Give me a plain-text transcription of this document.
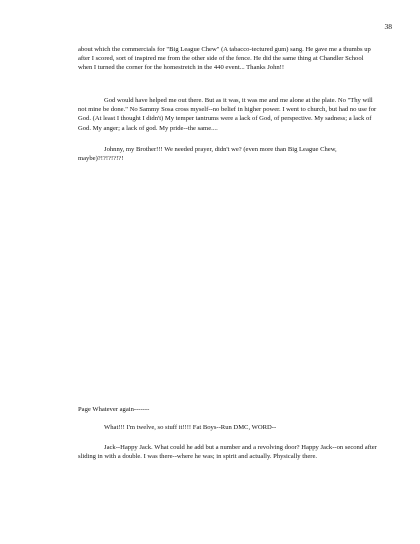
38

about which the commercials for "Big League Chew" (A tabacco-tectured gum) sang. He gave me a thumbs up after I scored, sort of inspired me from the other side of the fence. He did the same thing at Chandler School when I turned the corner for the homestretch in the 440 event... Thanks John!!

God would have helped me out there. But as it was, it was me and me alone at the plate. No "Thy will not mine be done." No Sammy Sosa cross myself--no belief in higher power. I went to church, but had no use for God. (At least I thought I didn't) My temper tantrums were a lack of God, of perspective. My sadness; a lack of God. My anger; a lack of god. My pride--the same....

Johnny, my Brother!!! We needed prayer, didn't we? (even more than Big League Chew, maybe)?!?!?!?!?!

Page Whatever again-------

What!!! I'm twelve, so stuff it!!!! Fat Boys--Run DMC, WORD--

Jack--Happy Jack. What could he add but a number and a revolving door? Happy Jack--on second after sliding in with a double. I was there--where he was; in spirit and actually. Physically there.
